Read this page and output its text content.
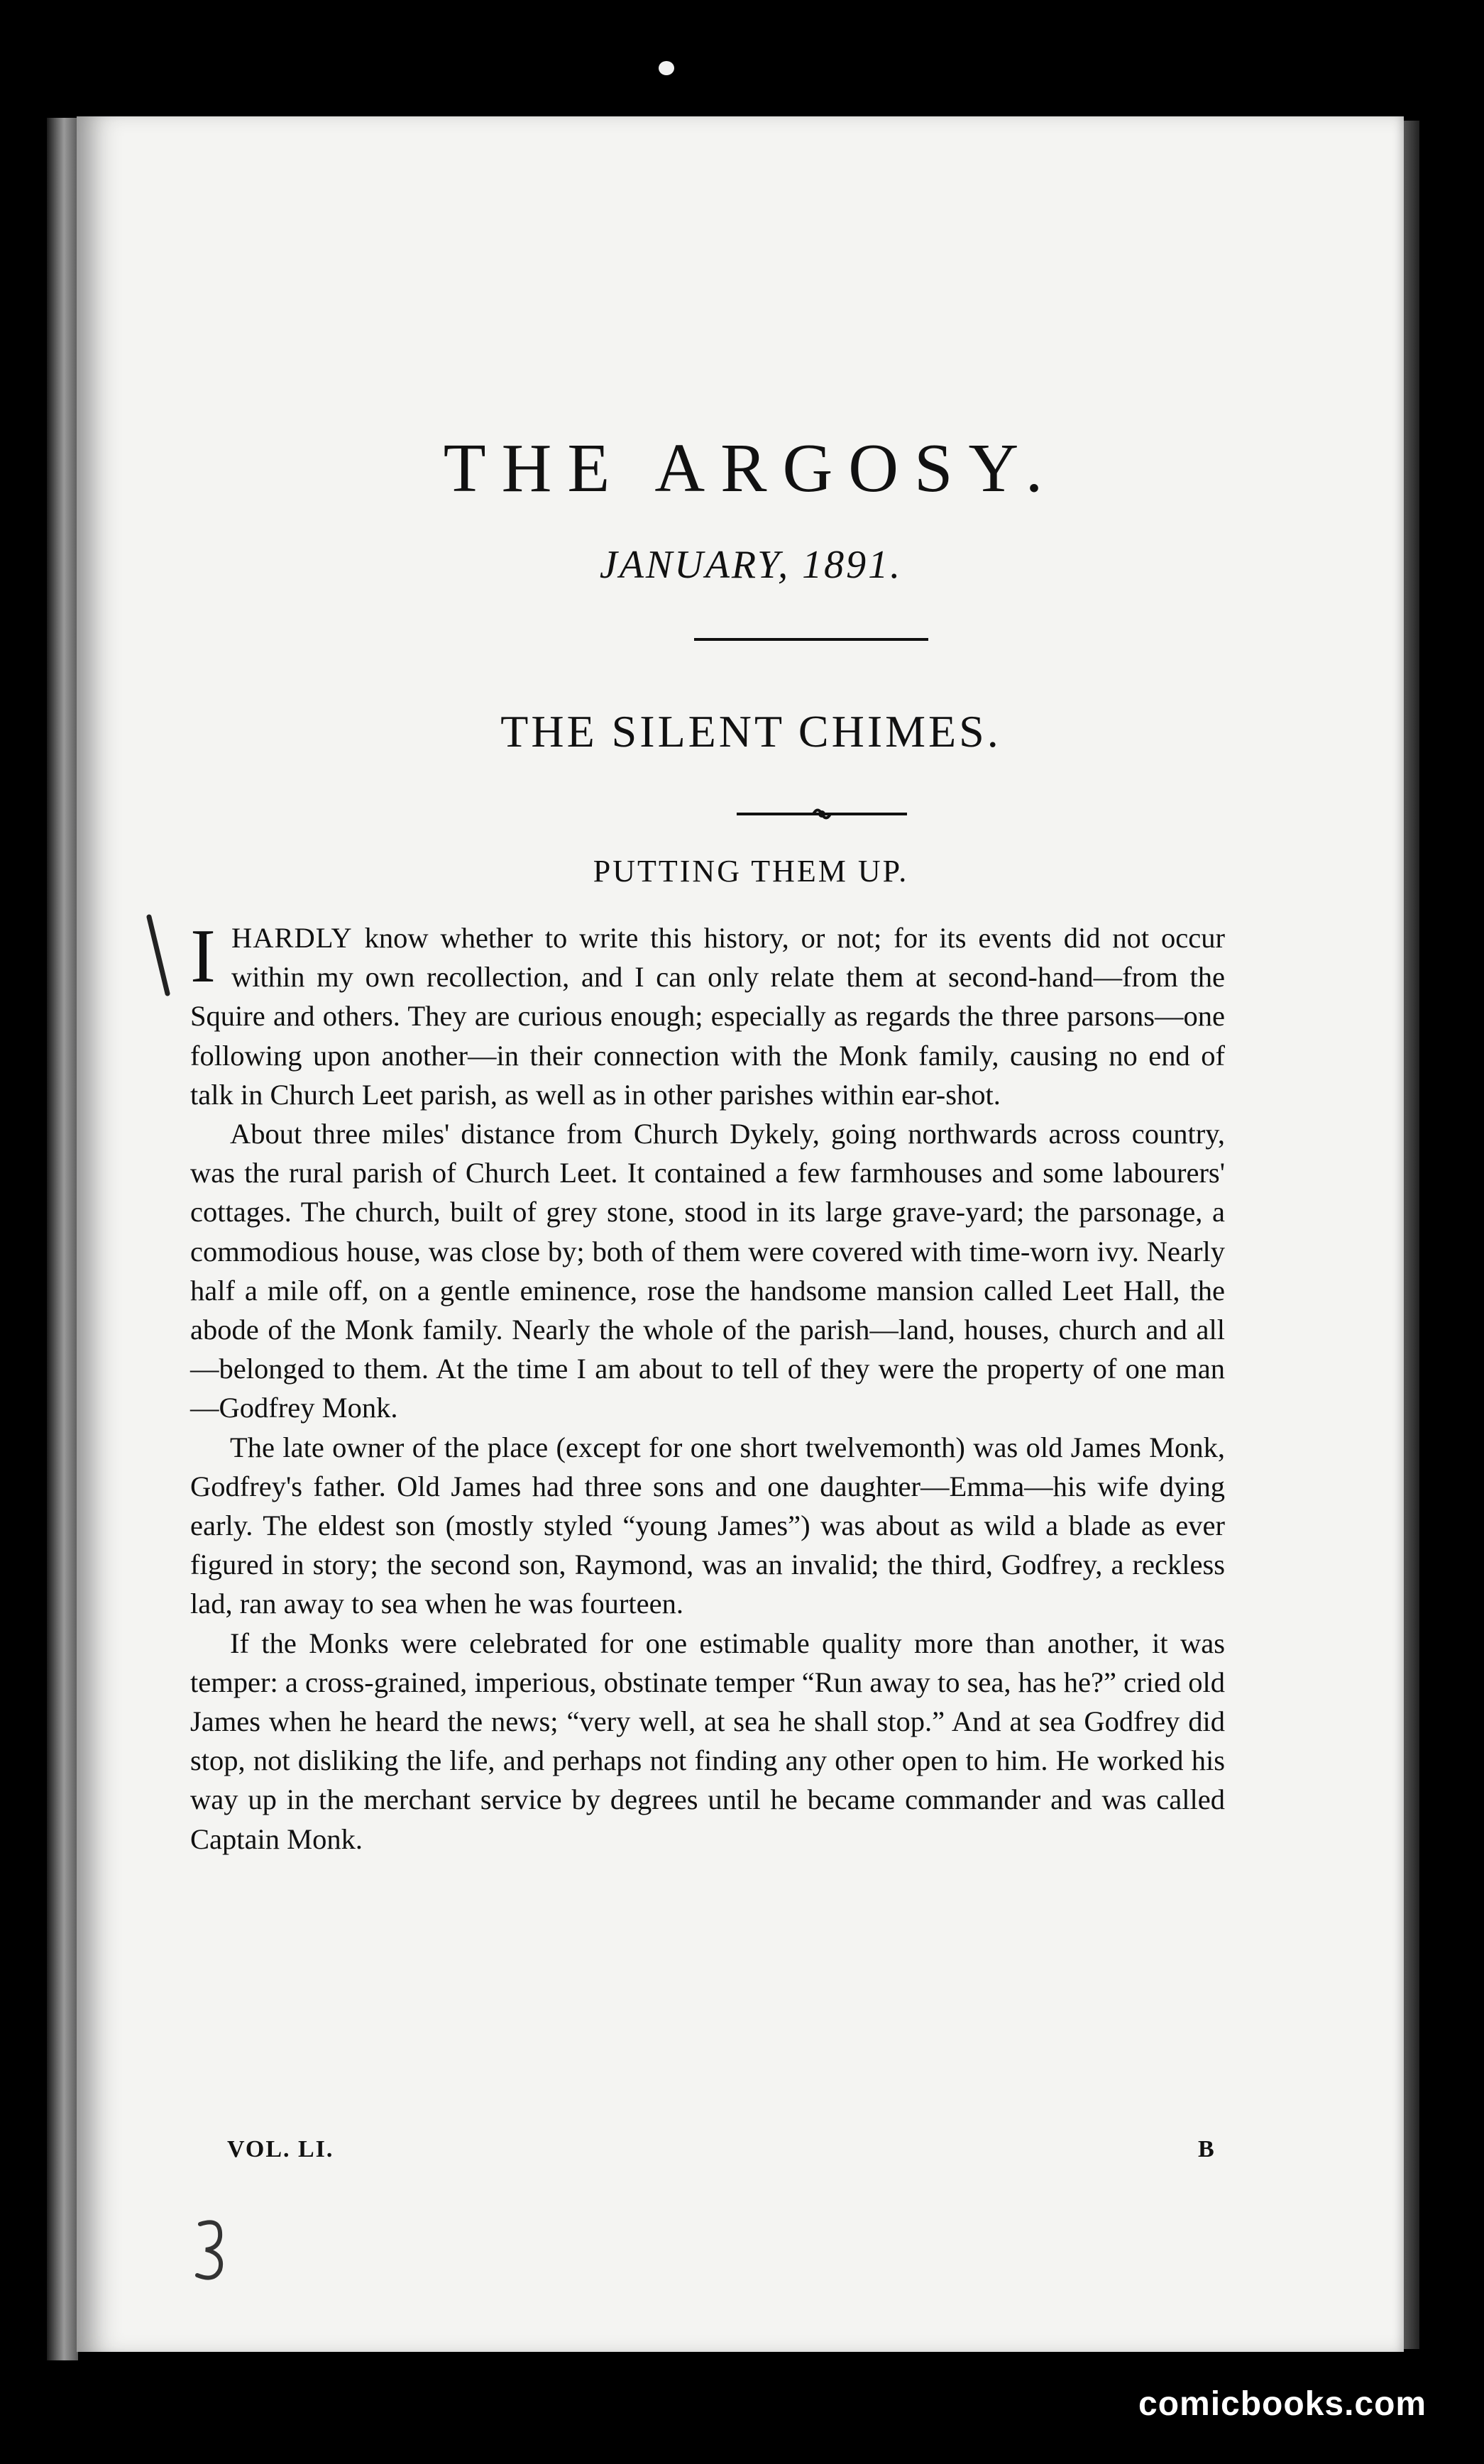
THE ARGOSY.
JANUARY, 1891.
THE SILENT CHIMES.
PUTTING THEM UP.

IHARDLY know whether to write this history, or not; for its events did not occur within my own recollection, and I can only relate them at second-hand—from the Squire and others. They are curious enough; especially as regards the three parsons—one following upon another—in their connection with the Monk family, causing no end of talk in Church Leet parish, as well as in other parishes within ear-shot.

About three miles' distance from Church Dykely, going northwards across country, was the rural parish of Church Leet. It contained a few farmhouses and some labourers' cottages. The church, built of grey stone, stood in its large grave-yard; the parsonage, a commodious house, was close by; both of them were covered with time-worn ivy. Nearly half a mile off, on a gentle eminence, rose the handsome mansion called Leet Hall, the abode of the Monk family. Nearly the whole of the parish—land, houses, church and all—belonged to them. At the time I am about to tell of they were the property of one man—Godfrey Monk.

The late owner of the place (except for one short twelvemonth) was old James Monk, Godfrey's father. Old James had three sons and one daughter—Emma—his wife dying early. The eldest son (mostly styled “young James”) was about as wild a blade as ever figured in story; the second son, Raymond, was an invalid; the third, Godfrey, a reckless lad, ran away to sea when he was fourteen.

If the Monks were celebrated for one estimable quality more than another, it was temper: a cross-grained, imperious, obstinate temper “Run away to sea, has he?” cried old James when he heard the news; “very well, at sea he shall stop.” And at sea Godfrey did stop, not disliking the life, and perhaps not finding any other open to him. He worked his way up in the merchant service by degrees until he became commander and was called Captain Monk.

VOL. LI.	B
comicbooks.com
